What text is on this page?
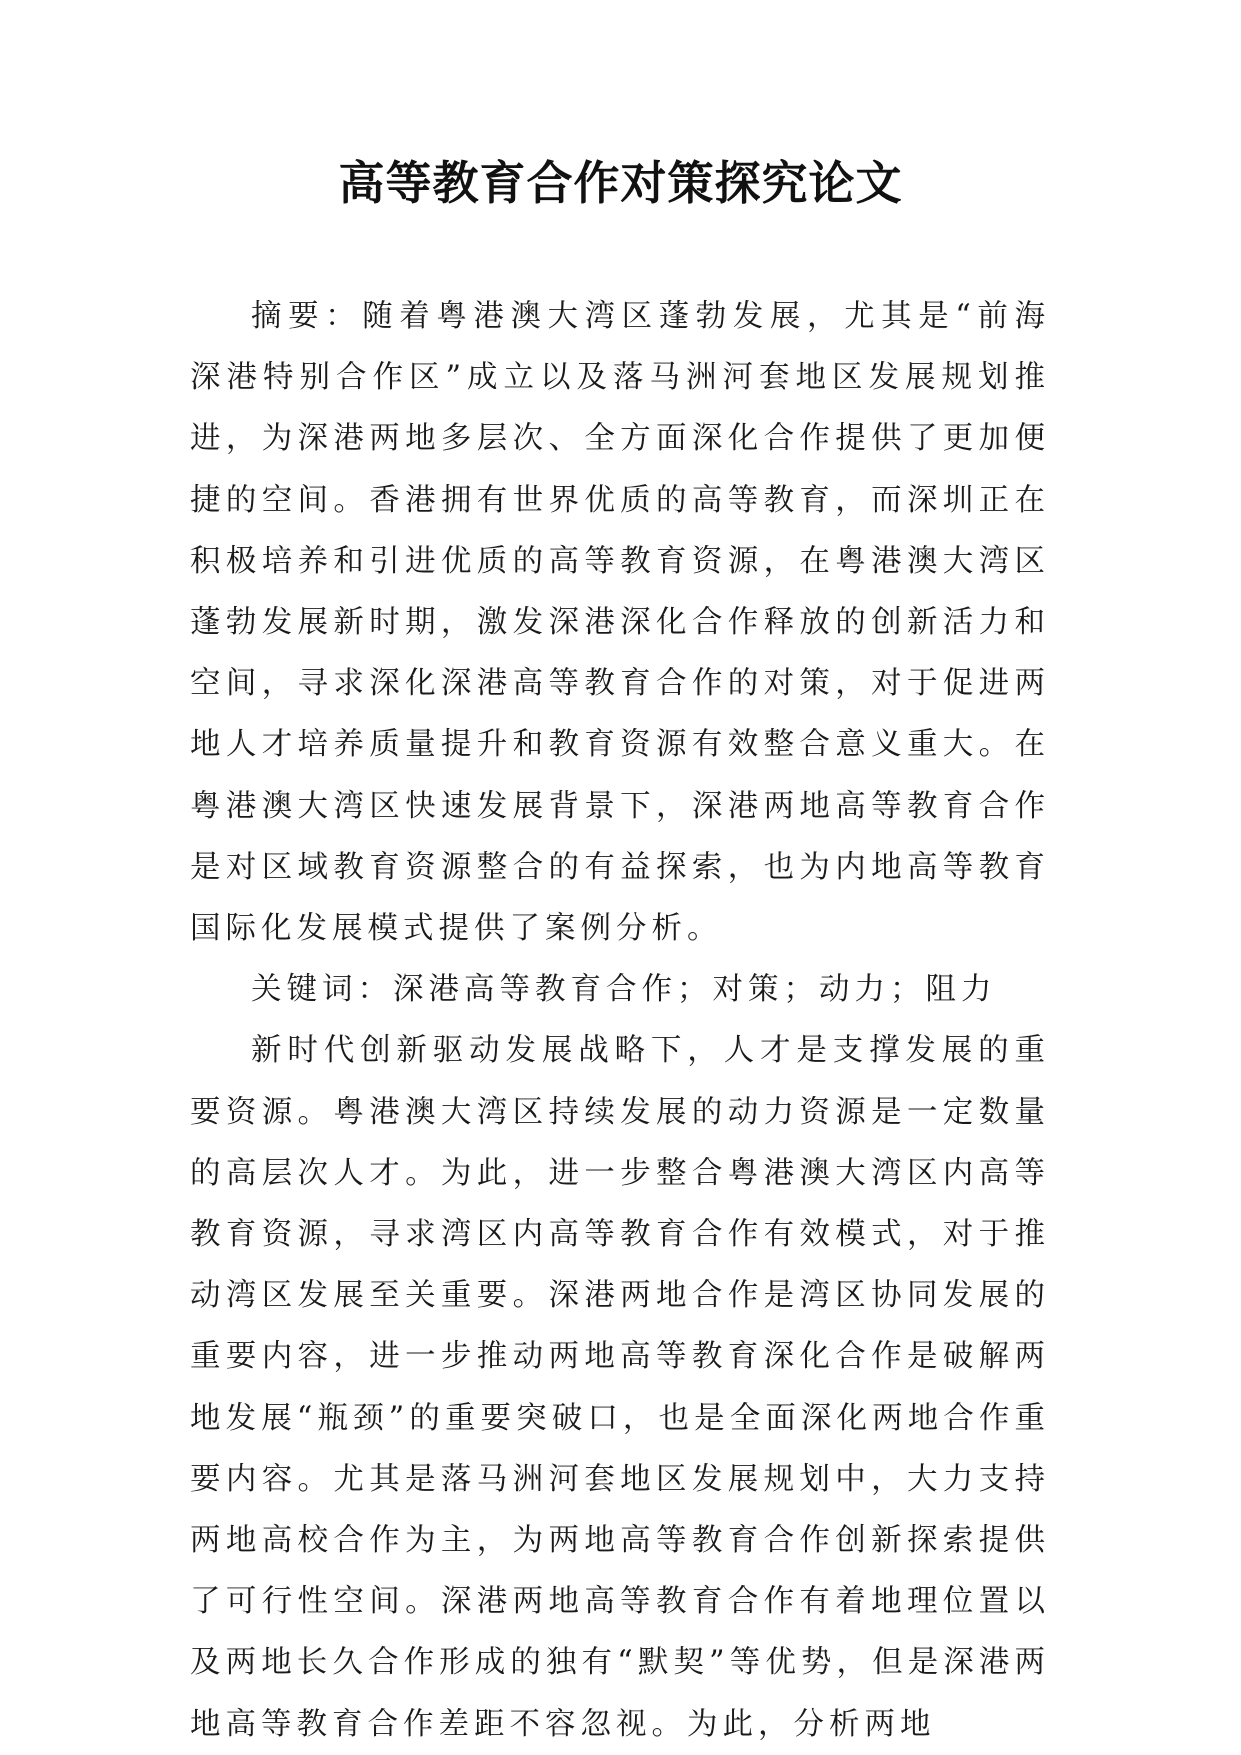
高等教育合作对策探究论文

摘要：随着粤港澳大湾区蓬勃发展，尤其是“前海深港特别合作区”成立以及落马洲河套地区发展规划推进，为深港两地多层次、全方面深化合作提供了更加便捷的空间。香港拥有世界优质的高等教育，而深圳正在积极培养和引进优质的高等教育资源，在粤港澳大湾区蓬勃发展新时期，激发深港深化合作释放的创新活力和空间，寻求深化深港高等教育合作的对策，对于促进两地人才培养质量提升和教育资源有效整合意义重大。在粤港澳大湾区快速发展背景下，深港两地高等教育合作是对区域教育资源整合的有益探索，也为内地高等教育国际化发展模式提供了案例分析。

关键词：深港高等教育合作；对策；动力；阻力

新时代创新驱动发展战略下，人才是支撑发展的重要资源。粤港澳大湾区持续发展的动力资源是一定数量的高层次人才。为此，进一步整合粤港澳大湾区内高等教育资源，寻求湾区内高等教育合作有效模式，对于推动湾区发展至关重要。深港两地合作是湾区协同发展的重要内容，进一步推动两地高等教育深化合作是破解两地发展“瓶颈”的重要突破口，也是全面深化两地合作重要内容。尤其是落马洲河套地区发展规划中，大力支持两地高校合作为主，为两地高等教育合作创新探索提供了可行性空间。深港两地高等教育合作有着地理位置以及两地长久合作形成的独有“默契”等优势，但是深港两地高等教育合作差距不容忽视。为此，分析两地
